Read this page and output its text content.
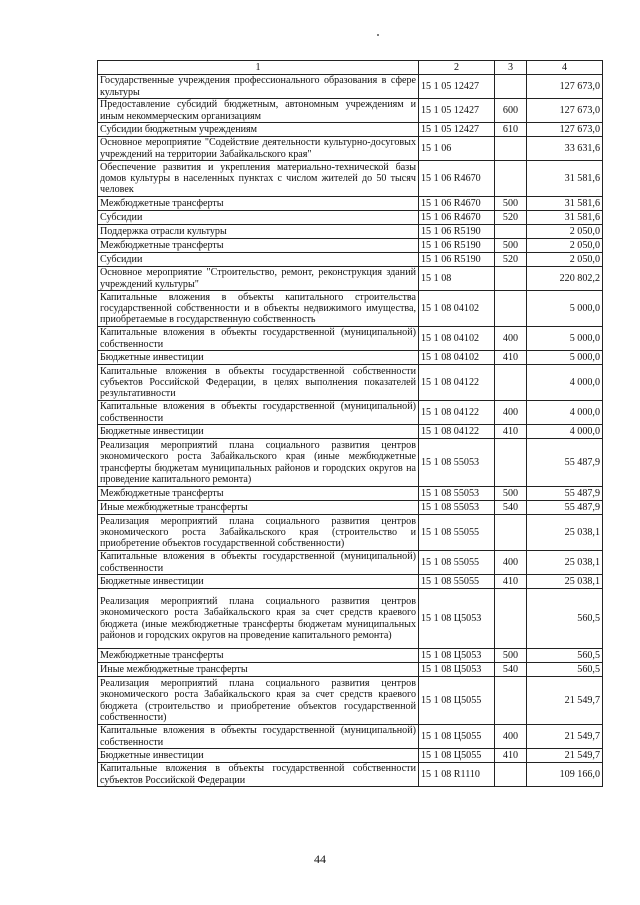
1	2	3	4
Государственные учреждения профессионального образования в сфере культуры	15 1 05 12427		127 673,0
Предоставление субсидий бюджетным, автономным учреждениям и иным некоммерческим организациям	15 1 05 12427	600	127 673,0
Субсидии бюджетным учреждениям	15 1 05 12427	610	127 673,0
Основное мероприятие "Содействие деятельности культурно-досуговых учреждений на территории Забайкальского края"	15 1 06		33 631,6
Обеспечение развития и укрепления материально-технической базы домов культуры в населенных пунктах с числом жителей до 50 тысяч человек	15 1 06 R4670		31 581,6
Межбюджетные трансферты	15 1 06 R4670	500	31 581,6
Субсидии	15 1 06 R4670	520	31 581,6
Поддержка отрасли культуры	15 1 06 R5190		2 050,0
Межбюджетные трансферты	15 1 06 R5190	500	2 050,0
Субсидии	15 1 06 R5190	520	2 050,0
Основное мероприятие "Строительство, ремонт, реконструкция зданий учреждений культуры"	15 1 08		220 802,2
Капитальные вложения в объекты капитального строительства государственной собственности и в объекты недвижимого имущества, приобретаемые в государственную собственность	15 1 08 04102		5 000,0
Капитальные вложения в объекты государственной (муниципальной) собственности	15 1 08 04102	400	5 000,0
Бюджетные инвестиции	15 1 08 04102	410	5 000,0
Капитальные вложения в объекты государственной собственности субъектов Российской Федерации, в целях выполнения показателей результативности	15 1 08 04122		4 000,0
Капитальные вложения в объекты государственной (муниципальной) собственности	15 1 08 04122	400	4 000,0
Бюджетные инвестиции	15 1 08 04122	410	4 000,0
Реализация мероприятий плана социального развития центров экономического роста Забайкальского края (иные межбюджетные трансферты бюджетам муниципальных районов и городских округов на проведение капитального ремонта)	15 1 08 55053		55 487,9
Межбюджетные трансферты	15 1 08 55053	500	55 487,9
Иные межбюджетные трансферты	15 1 08 55053	540	55 487,9
Реализация мероприятий плана социального развития центров экономического роста Забайкальского края (строительство и приобретение объектов государственной собственности)	15 1 08 55055		25 038,1
Капитальные вложения в объекты государственной (муниципальной) собственности	15 1 08 55055	400	25 038,1
Бюджетные инвестиции	15 1 08 55055	410	25 038,1
Реализация мероприятий плана социального развития центров экономического роста Забайкальского края за счет средств краевого бюджета (иные межбюджетные трансферты бюджетам муниципальных районов и городских округов на проведение капитального ремонта)	15 1 08 Ц5053		560,5
Межбюджетные трансферты	15 1 08 Ц5053	500	560,5
Иные межбюджетные трансферты	15 1 08 Ц5053	540	560,5
Реализация мероприятий плана социального развития центров экономического роста Забайкальского края за счет средств краевого бюджета (строительство и приобретение объектов государственной собственности)	15 1 08 Ц5055		21 549,7
Капитальные вложения в объекты государственной (муниципальной) собственности	15 1 08 Ц5055	400	21 549,7
Бюджетные инвестиции	15 1 08 Ц5055	410	21 549,7
Капитальные вложения в объекты государственной собственности субъектов Российской Федерации	15 1 08 R1110		109 166,0
44
